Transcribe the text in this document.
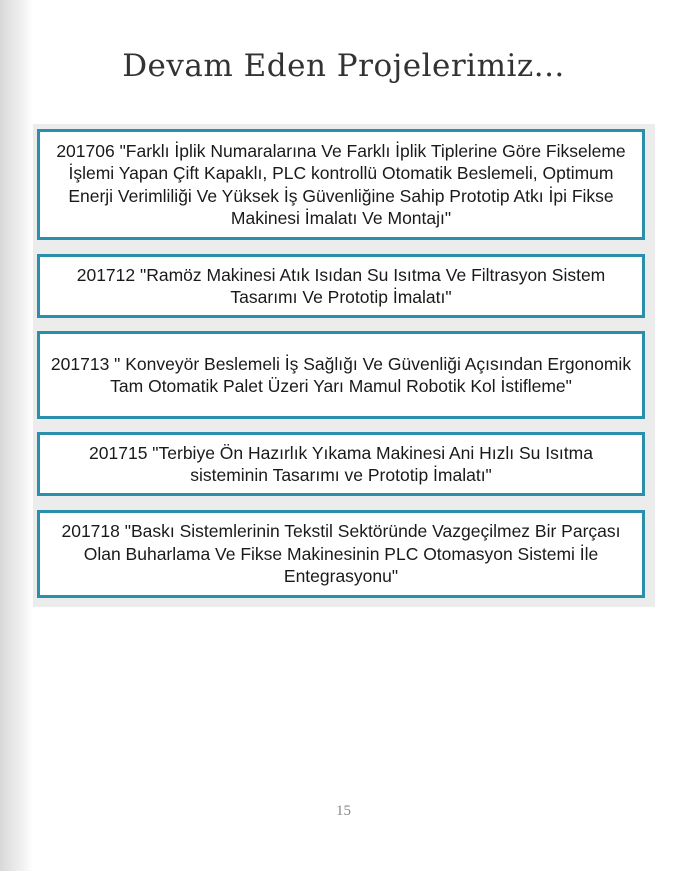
Devam Eden Projelerimiz...
201706 "Farklı İplik Numaralarına Ve Farklı İplik Tiplerine Göre Fikseleme İşlemi Yapan Çift Kapaklı, PLC kontrollü Otomatik Beslemeli, Optimum Enerji Verimliliği Ve Yüksek İş Güvenliğine Sahip Prototip Atkı İpi Fikse Makinesi İmalatı Ve Montajı"
201712 "Ramöz Makinesi Atık Isıdan Su Isıtma Ve Filtrasyon Sistem Tasarımı Ve Prototip İmalatı"
201713 " Konveyör Beslemeli İş Sağlığı Ve Güvenliği Açısından Ergonomik Tam Otomatik Palet Üzeri Yarı Mamul Robotik Kol İstifleme"
201715 "Terbiye Ön Hazırlık Yıkama Makinesi Ani Hızlı Su Isıtma sisteminin Tasarımı ve Prototip İmalatı"
201718 "Baskı Sistemlerinin Tekstil Sektöründe Vazgeçilmez Bir Parçası Olan Buharlama Ve Fikse Makinesinin PLC Otomasyon Sistemi İle Entegrasyonu"
15
